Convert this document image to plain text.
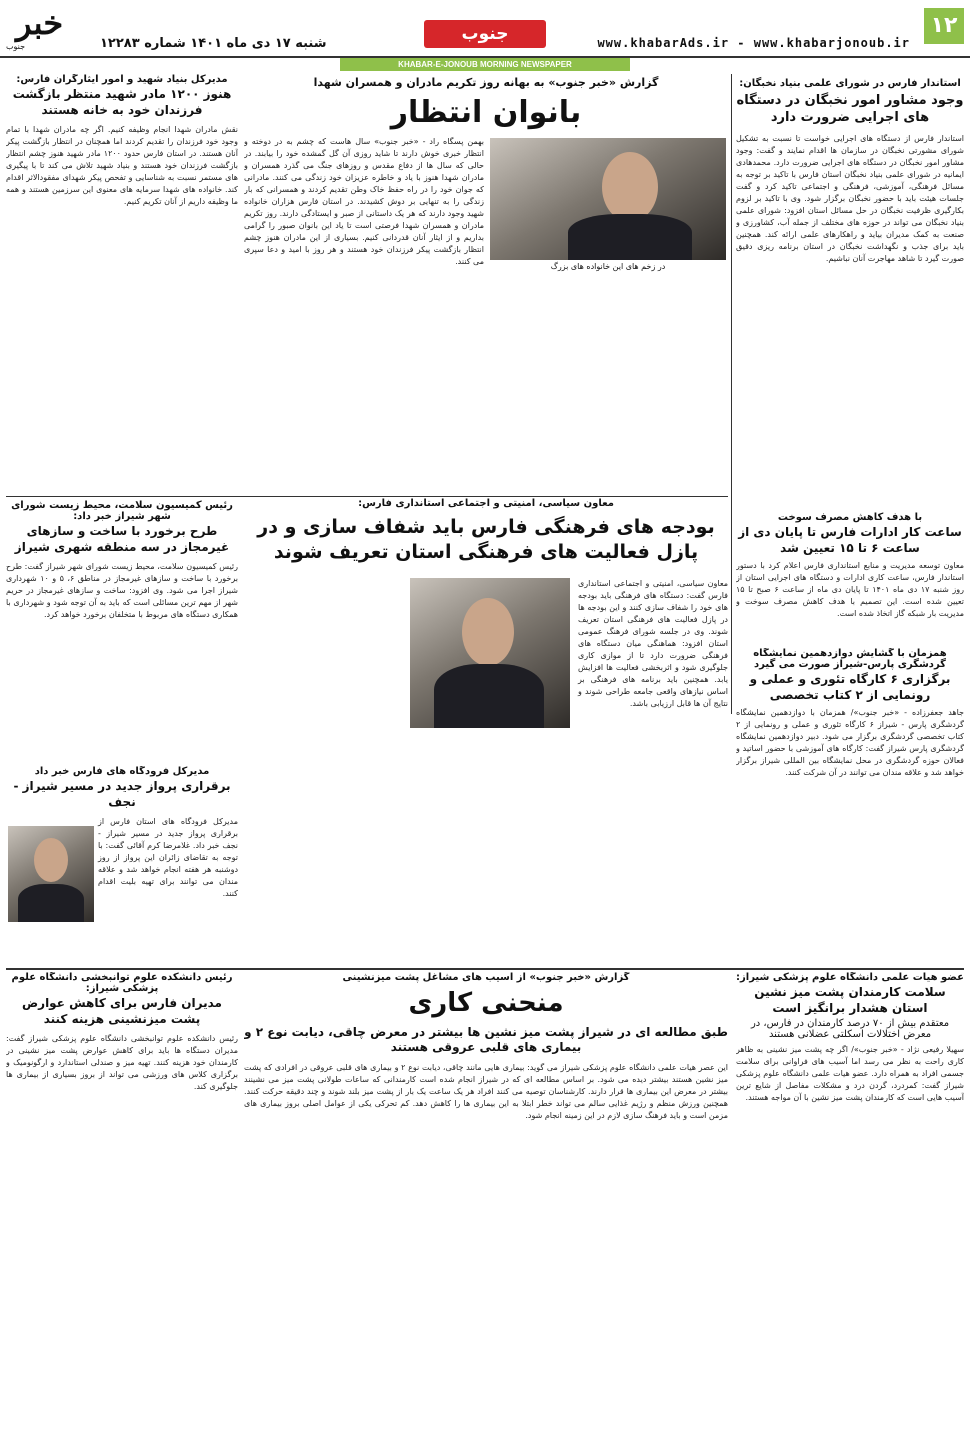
۱۲
www.khabarAds.ir - www.khabarjonoub.ir
جنوب
شنبه ۱۷ دی ماه ۱۴۰۱ شماره ۱۲۲۸۳
خبر
جنوب
KHABAR-E-JONOUB MORNING NEWSPAPER
استاندار فارس در شورای علمی بنیاد نخبگان:
وجود مشاور امور نخبگان در دستگاه های اجرایی ضرورت دارد
استاندار فارس از دستگاه های اجرایی خواست تا نسبت به تشکیل شورای مشورتی نخبگان در سازمان ها اقدام نمایند و گفت: وجود مشاور امور نخبگان در دستگاه های اجرایی ضرورت دارد. محمدهادی ایمانیه در شورای علمی بنیاد نخبگان استان فارس با تاکید بر توجه به مسائل فرهنگی، آموزشی، فرهنگی و اجتماعی تاکید کرد و گفت جلسات هیئت باید با حضور نخبگان برگزار شود. وی با تاکید بر لزوم بکارگیری ظرفیت نخبگان در حل مسائل استان افزود: شورای علمی بنیاد نخبگان می تواند در حوزه های مختلف از جمله آب، کشاورزی و صنعت به کمک مدیران بیاید و راهکارهای علمی ارائه کند. همچنین باید برای جذب و نگهداشت نخبگان در استان برنامه ریزی دقیق صورت گیرد تا شاهد مهاجرت آنان نباشیم.
با هدف کاهش مصرف سوخت
ساعت کار ادارات فارس تا پایان دی از ساعت ۶ تا ۱۵ تعیین شد
معاون توسعه مدیریت و منابع استانداری فارس اعلام کرد با دستور استاندار فارس، ساعت کاری ادارات و دستگاه های اجرایی استان از روز شنبه ۱۷ دی ماه ۱۴۰۱ تا پایان دی ماه از ساعت ۶ صبح تا ۱۵ تعیین شده است. این تصمیم با هدف کاهش مصرف سوخت و مدیریت بار شبکه گاز اتخاذ شده است.
همزمان با گشایش دوازدهمین نمایشگاه گردشگری پارس-شیراز صورت می گیرد
برگزاری ۶ کارگاه تئوری و عملی و رونمایی از ۲ کتاب تخصصی
جاهد جعفرزاده - «خبر جنوب»/ همزمان با دوازدهمین نمایشگاه گردشگری پارس - شیراز ۶ کارگاه تئوری و عملی و رونمایی از ۲ کتاب تخصصی گردشگری برگزار می شود. دبیر دوازدهمین نمایشگاه گردشگری پارس شیراز گفت: کارگاه های آموزشی با حضور اساتید و فعالان حوزه گردشگری در محل نمایشگاه بین المللی شیراز برگزار خواهد شد و علاقه مندان می توانند در آن شرکت کنند.
گزارش «خبر جنوب» به بهانه روز تکریم مادران و همسران شهدا
بانوان انتظار
بهمن پسگاه راد - «خبر جنوب» سال هاست که چشم به در دوخته و انتظار خبری خوش دارند تا شاید روزی آن گل گمشده خود را بیابند. در حالی که سال ها از دفاع مقدس و روزهای جنگ می گذرد همسران و مادران شهدا هنوز با یاد و خاطره عزیزان خود زندگی می کنند. مادرانی که جوان خود را در راه حفظ خاک وطن تقدیم کردند و همسرانی که بار زندگی را به تنهایی بر دوش کشیدند. در استان فارس هزاران خانواده شهید وجود دارند که هر یک داستانی از صبر و ایستادگی دارند. روز تکریم مادران و همسران شهدا فرصتی است تا یاد این بانوان صبور را گرامی بداریم و از ایثار آنان قدردانی کنیم. بسیاری از این مادران هنوز چشم انتظار بازگشت پیکر فرزندان خود هستند و هر روز با امید و دعا سپری می کنند.
در زخم های این خانواده های بزرگ
مدیرکل بنیاد شهید و امور ایثارگران فارس:
هنوز ۱۲۰۰ مادر شهید منتظر بازگشت فرزندان خود به خانه هستند
نقش مادران شهدا انجام وظیفه کنیم. اگر چه مادران شهدا با تمام وجود خود فرزندان را تقدیم کردند اما همچنان در انتظار بازگشت پیکر آنان هستند. در استان فارس حدود ۱۲۰۰ مادر شهید هنوز چشم انتظار بازگشت فرزندان خود هستند و بنیاد شهید تلاش می کند تا با پیگیری های مستمر نسبت به شناسایی و تفحص پیکر شهدای مفقودالاثر اقدام کند. خانواده های شهدا سرمایه های معنوی این سرزمین هستند و همه ما وظیفه داریم از آنان تکریم کنیم.
معاون سیاسی، امنیتی و اجتماعی استانداری فارس:
بودجه های فرهنگی فارس باید شفاف سازی و در پازل فعالیت های فرهنگی استان تعریف شوند
معاون سیاسی، امنیتی و اجتماعی استانداری فارس گفت: دستگاه های فرهنگی باید بودجه های خود را شفاف سازی کنند و این بودجه ها در پازل فعالیت های فرهنگی استان تعریف شوند. وی در جلسه شورای فرهنگ عمومی استان افزود: هماهنگی میان دستگاه های فرهنگی ضرورت دارد تا از موازی کاری جلوگیری شود و اثربخشی فعالیت ها افزایش یابد. همچنین باید برنامه های فرهنگی بر اساس نیازهای واقعی جامعه طراحی شوند و نتایج آن ها قابل ارزیابی باشد.
رئیس کمیسیون سلامت، محیط زیست شورای شهر شیراز خبر داد:
طرح برخورد با ساخت و سازهای غیرمجاز در سه منطقه شهری شیراز
رئیس کمیسیون سلامت، محیط زیست شورای شهر شیراز گفت: طرح برخورد با ساخت و سازهای غیرمجاز در مناطق ۶، ۵ و ۱۰ شهرداری شیراز اجرا می شود. وی افزود: ساخت و سازهای غیرمجاز در حریم شهر از مهم ترین مسائلی است که باید به آن توجه شود و شهرداری با همکاری دستگاه های مربوط با متخلفان برخورد خواهد کرد.
مدیرکل فرودگاه های فارس خبر داد
برقراری پرواز جدید در مسیر شیراز - نجف
مدیرکل فرودگاه های استان فارس از برقراری پرواز جدید در مسیر شیراز - نجف خبر داد. غلامرضا کرم آقائی گفت: با توجه به تقاضای زائران این پرواز از روز دوشنبه هر هفته انجام خواهد شد و علاقه مندان می توانند برای تهیه بلیت اقدام کنند.
گزارش «خبر جنوب» از آسیب های مشاغل پشت میزنشینی
منحنی کاری
طبق مطالعه ای در شیراز پشت میز نشین ها بیشتر در معرض چاقی، دیابت نوع ۲ و بیماری های قلبی عروقی هستند
این عصر هیات علمی دانشگاه علوم پزشکی شیراز می گوید: بیماری هایی مانند چاقی، دیابت نوع ۲ و بیماری های قلبی عروقی در افرادی که پشت میز نشین هستند بیشتر دیده می شود. بر اساس مطالعه ای که در شیراز انجام شده است کارمندانی که ساعات طولانی پشت میز می نشینند بیشتر در معرض این بیماری ها قرار دارند. کارشناسان توصیه می کنند افراد هر یک ساعت یک بار از پشت میز بلند شوند و چند دقیقه حرکت کنند. همچنین ورزش منظم و رژیم غذایی سالم می تواند خطر ابتلا به این بیماری ها را کاهش دهد. کم تحرکی یکی از عوامل اصلی بروز بیماری های مزمن است و باید فرهنگ سازی لازم در این زمینه انجام شود.
عضو هیات علمی دانشگاه علوم پزشکی شیراز:
سلامت کارمندان پشت میز نشین استان هشدار برانگیز است
معتقدم بیش از ۷۰ درصد کارمندان در فارس، در معرض اختلالات اسکلتی عضلانی هستند
سهیلا رفیعی نژاد - «خبر جنوب»/ اگر چه پشت میز نشینی به ظاهر کاری راحت به نظر می رسد اما آسیب های فراوانی برای سلامت جسمی افراد به همراه دارد. عضو هیات علمی دانشگاه علوم پزشکی شیراز گفت: کمردرد، گردن درد و مشکلات مفاصل از شایع ترین آسیب هایی است که کارمندان پشت میز نشین با آن مواجه هستند.
رئیس دانشکده علوم توانبخشی دانشگاه علوم پزشکی شیراز:
مدیران فارس برای کاهش عوارض پشت میزنشینی هزینه کنند
رئیس دانشکده علوم توانبخشی دانشگاه علوم پزشکی شیراز گفت: مدیران دستگاه ها باید برای کاهش عوارض پشت میز نشینی در کارمندان خود هزینه کنند. تهیه میز و صندلی استاندارد و ارگونومیک و برگزاری کلاس های ورزشی می تواند از بروز بسیاری از بیماری ها جلوگیری کند.
